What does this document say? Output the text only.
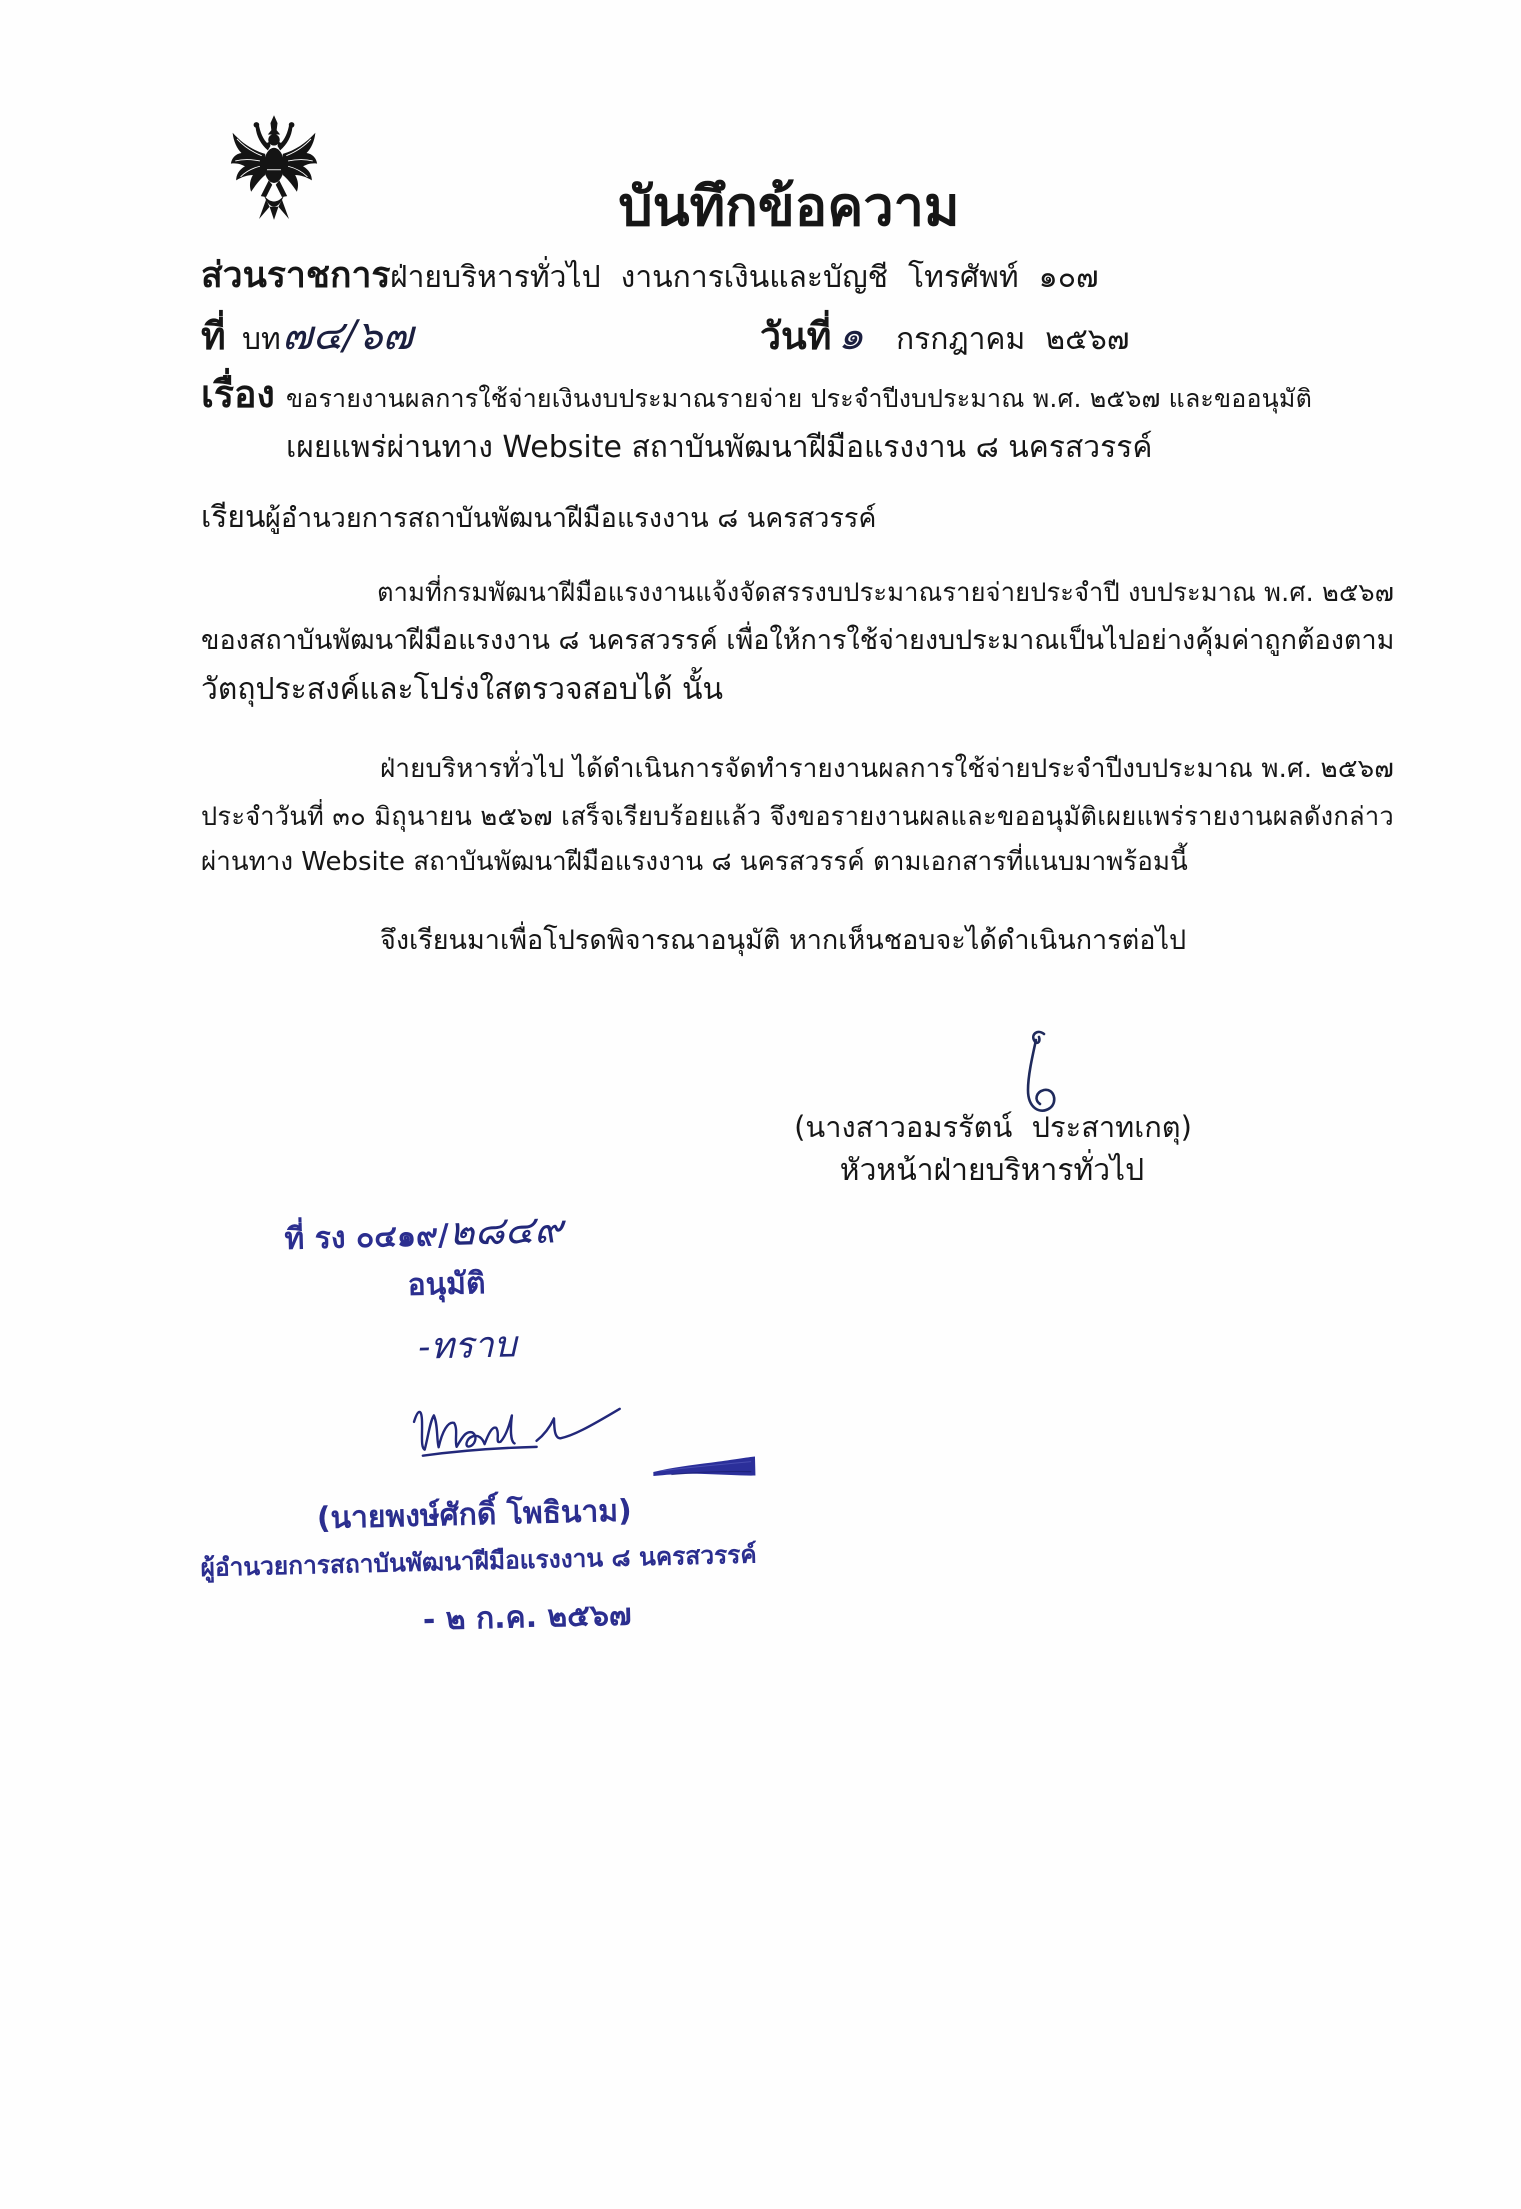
บันทึกข้อความ
ส่วนราชการฝ่ายบริหารทั่วไป งานการเงินและบัญชี โทรศัพท์ ๑๐๗
ที่ บท๗๔/๖๗	วันที่ ๑ กรกฎาคม ๒๕๖๗
เรื่อง ขอรายงานผลการใช้จ่ายเงินงบประมาณรายจ่าย ประจำปีงบประมาณ พ.ศ. ๒๕๖๗ และขออนุมัติ
เผยแพร่ผ่านทาง Website สถาบันพัฒนาฝีมือแรงงาน ๘ นครสวรรค์
เรียนผู้อำนวยการสถาบันพัฒนาฝีมือแรงงาน ๘ นครสวรรค์
ตามที่กรมพัฒนาฝีมือแรงงานแจ้งจัดสรรงบประมาณรายจ่ายประจำปี งบประมาณ พ.ศ. ๒๕๖๗
ของสถาบันพัฒนาฝีมือแรงงาน ๘ นครสวรรค์ เพื่อให้การใช้จ่ายงบประมาณเป็นไปอย่างคุ้มค่าถูกต้องตาม
วัตถุประสงค์และโปร่งใสตรวจสอบได้ นั้น
ฝ่ายบริหารทั่วไป ได้ดำเนินการจัดทำรายงานผลการใช้จ่ายประจำปีงบประมาณ พ.ศ. ๒๕๖๗
ประจำวันที่ ๓๐ มิถุนายน ๒๕๖๗ เสร็จเรียบร้อยแล้ว จึงขอรายงานผลและขออนุมัติเผยแพร่รายงานผลดังกล่าว
ผ่านทาง Website สถาบันพัฒนาฝีมือแรงงาน ๘ นครสวรรค์ ตามเอกสารที่แนบมาพร้อมนี้
จึงเรียนมาเพื่อโปรดพิจารณาอนุมัติ หากเห็นชอบจะได้ดำเนินการต่อไป
(นางสาวอมรรัตน์ ประสาทเกตุ)
หัวหน้าฝ่ายบริหารทั่วไป
ที่ รง ๐๔๑๙/๒๘๔๙
อนุมัติ
-ทราบ
(นายพงษ์ศักดิ์ โพธินาม)
ผู้อำนวยการสถาบันพัฒนาฝีมือแรงงาน ๘ นครสวรรค์
- ๒ ก.ค. ๒๕๖๗
